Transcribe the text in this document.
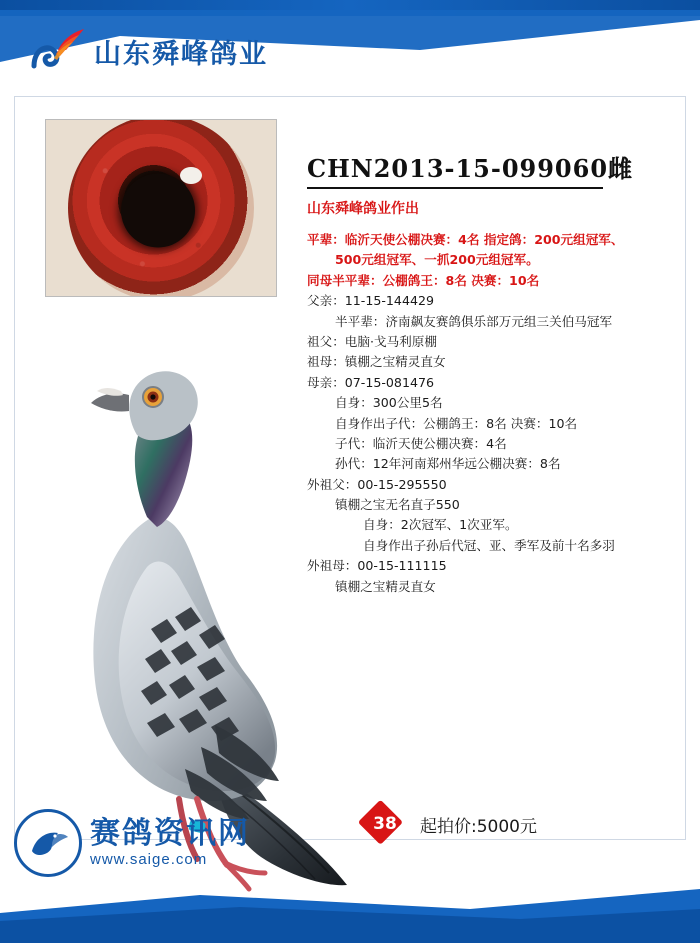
山东舜峰鸽业
CHN2013-15-099060雌
山东舜峰鸽业作出
平辈：临沂天使公棚决赛：4名 指定鸽：200元组冠军、
500元组冠军、一抓200元组冠军。
同母半平辈：公棚鸽王：8名 决赛：10名
父亲：11-15-144429
半平辈：济南飙友赛鸽俱乐部万元组三关伯马冠军
祖父：电脑·戈马利原棚
祖母：镇棚之宝精灵直女
母亲：07-15-081476
自身：300公里5名
自身作出子代：公棚鸽王：8名 决赛：10名
子代：临沂天使公棚决赛：4名
孙代：12年河南郑州华远公棚决赛：8名
外祖父：00-15-295550
镇棚之宝无名直子550
自身：2次冠军、1次亚军。
自身作出子孙后代冠、亚、季军及前十名多羽
外祖母：00-15-111115
镇棚之宝精灵直女
38	起拍价:5000元
赛鸽资讯网
www.saige.com
